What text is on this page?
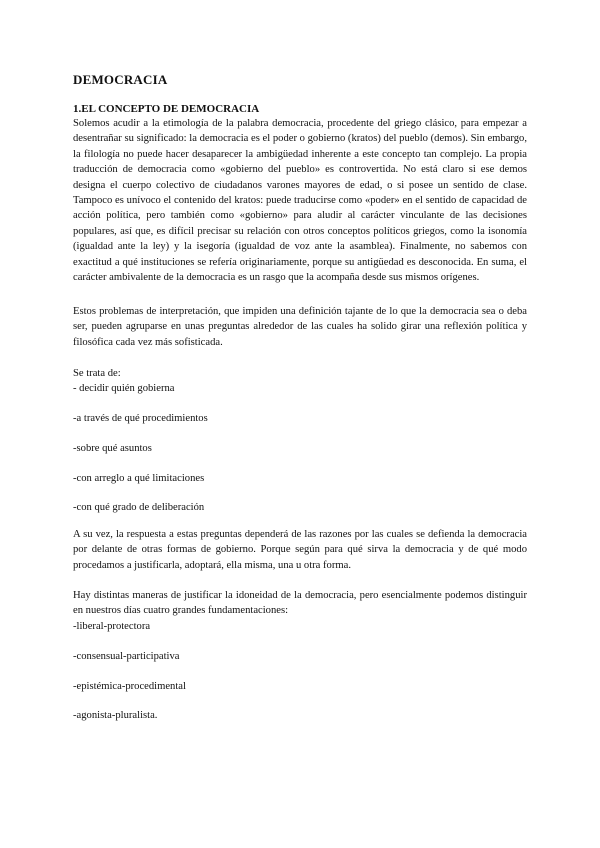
DEMOCRACIA
1.EL CONCEPTO DE DEMOCRACIA

Solemos acudir a la etimología de la palabra democracia, procedente del griego clásico, para empezar a desentrañar su significado: la democracia es el poder o gobierno (kratos) del pueblo (demos). Sin embargo, la filología no puede hacer desaparecer la ambigüedad inherente a este concepto tan complejo. La propia traducción de democracia como «gobierno del pueblo» es controvertida. No está claro si ese demos designa el cuerpo colectivo de ciudadanos varones mayores de edad, o si posee un sentido de clase. Tampoco es unívoco el contenido del kratos: puede traducirse como «poder» en el sentido de capacidad de acción política, pero también como «gobierno» para aludir al carácter vinculante de las decisiones populares, así que, es difícil precisar su relación con otros conceptos políticos griegos, como la isonomía (igualdad ante la ley) y la isegoría (igualdad de voz ante la asamblea). Finalmente, no sabemos con exactitud a qué instituciones se refería originariamente, porque su antigüedad es desconocida. En suma, el carácter ambivalente de la democracia es un rasgo que la acompaña desde sus mismos orígenes.

Estos problemas de interpretación, que impiden una definición tajante de lo que la democracia sea o deba ser, pueden agruparse en unas preguntas alrededor de las cuales ha solido girar una reflexión política y filosófica cada vez más sofisticada.

Se trata de:

- decidir quién gobierna

-a través de qué procedimientos

-sobre qué asuntos

-con arreglo a qué limitaciones

-con qué grado de deliberación

A su vez, la respuesta a estas preguntas dependerá de las razones por las cuales se defienda la democracia por delante de otras formas de gobierno. Porque según para qué sirva la democracia y de qué modo procedamos a justificarla, adoptará, ella misma, una u otra forma.

Hay distintas maneras de justificar la idoneidad de la democracia, pero esencialmente podemos distinguir en nuestros días cuatro grandes fundamentaciones:

-liberal-protectora

-consensual-participativa

-epistémica-procedimental

-agonista-pluralista.
